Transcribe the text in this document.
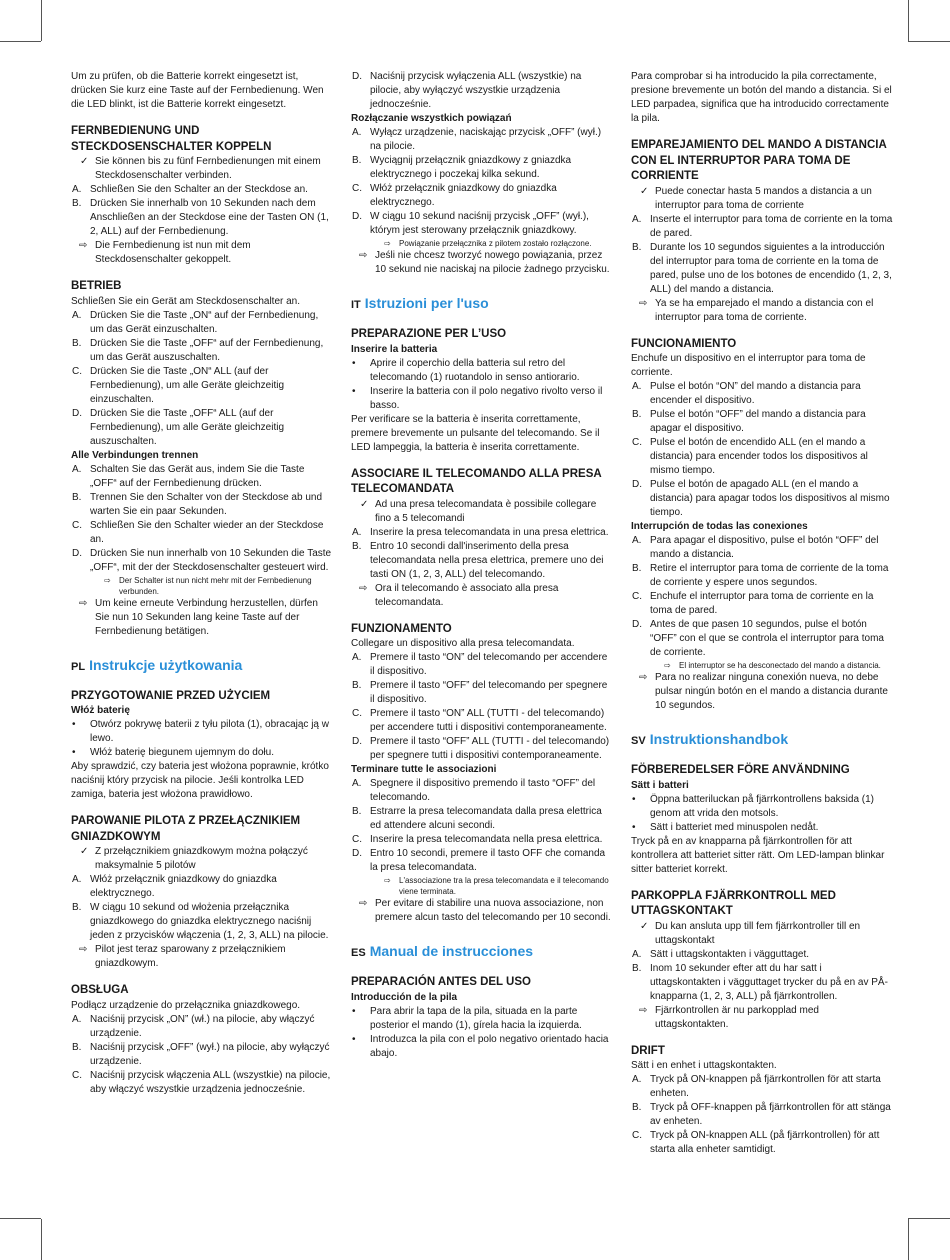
Um zu prüfen, ob die Batterie korrekt eingesetzt ist, drücken Sie kurz eine Taste auf der Fernbedienung. Wen die LED blinkt, ist die Batterie korrekt eingesetzt.

FERNBEDIENUNG UND STECKDOSENSCHALTER KOPPELN
✓ Sie können bis zu fünf Fernbedienungen mit einem Steckdosenschalter verbinden.
A. Schließen Sie den Schalter an der Steckdose an.
B. Drücken Sie innerhalb von 10 Sekunden nach dem Anschließen an der Steckdose eine der Tasten ON (1, 2, ALL) auf der Fernbedienung.
⇨ Die Fernbedienung ist nun mit dem Steckdosenschalter gekoppelt.
BETRIEB

Schließen Sie ein Gerät am Steckdosenschalter an.

A. Drücken Sie die Taste „ON“ auf der Fernbedienung, um das Gerät einzuschalten.
B. Drücken Sie die Taste „OFF“ auf der Fernbedienung, um das Gerät auszuschalten.
C. Drücken Sie die Taste „ON“ ALL (auf der Fernbedienung), um alle Geräte gleichzeitig einzuschalten.
D. Drücken Sie die Taste „OFF“ ALL (auf der Fernbedienung), um alle Geräte gleichzeitig auszuschalten.

Alle Verbindungen trennen

A. Schalten Sie das Gerät aus, indem Sie die Taste „OFF“ auf der Fernbedienung drücken.
B. Trennen Sie den Schalter von der Steckdose ab und warten Sie ein paar Sekunden.
C. Schließen Sie den Schalter wieder an der Steckdose an.
D. Drücken Sie nun innerhalb von 10 Sekunden die Taste „OFF“, mit der der Steckdosenschalter gesteuert wird.
⇨ Der Schalter ist nun nicht mehr mit der Fernbedienung verbunden.
⇨ Um keine erneute Verbindung herzustellen, dürfen Sie nun 10 Sekunden lang keine Taste auf der Fernbedienung betätigen.
PL Instrukcje użytkowania
PRZYGOTOWANIE PRZED UŻYCIEM

Włóż baterię

• Otwórz pokrywę baterii z tyłu pilota (1), obracając ją w lewo.
• Włóż baterię biegunem ujemnym do dołu.

Aby sprawdzić, czy bateria jest włożona poprawnie, krótko naciśnij który przycisk na pilocie. Jeśli kontrolka LED zamiga, bateria jest włożona prawidłowo.

PAROWANIE PILOTA Z PRZEŁĄCZNIKIEM GNIAZDKOWYM
✓ Z przełącznikiem gniazdkowym można połączyć maksymalnie 5 pilotów
A. Włóż przełącznik gniazdkowy do gniazdka elektrycznego.
B. W ciągu 10 sekund od włożenia przełącznika gniazdkowego do gniazdka elektrycznego naciśnij jeden z przycisków włączenia (1, 2, 3, ALL) na pilocie.
⇨ Pilot jest teraz sparowany z przełącznikiem gniazdkowym.
OBSŁUGA

Podłącz urządzenie do przełącznika gniazdkowego.

A. Naciśnij przycisk „ON” (wł.) na pilocie, aby włączyć urządzenie.
B. Naciśnij przycisk „OFF” (wył.) na pilocie, aby wyłączyć urządzenie.
C. Naciśnij przycisk włączenia ALL (wszystkie) na pilocie, aby włączyć wszystkie urządzenia jednocześnie.
D. Naciśnij przycisk wyłączenia ALL (wszystkie) na pilocie, aby wyłączyć wszystkie urządzenia jednocześnie.

Rozłączanie wszystkich powiązań

A. Wyłącz urządzenie, naciskając przycisk „OFF” (wył.) na pilocie.
B. Wyciągnij przełącznik gniazdkowy z gniazdka elektrycznego i poczekaj kilka sekund.
C. Włóż przełącznik gniazdkowy do gniazdka elektrycznego.
D. W ciągu 10 sekund naciśnij przycisk „OFF” (wył.), którym jest sterowany przełącznik gniazdkowy.
⇨ Powiązanie przełącznika z pilotem zostało rozłączone.
⇨ Jeśli nie chcesz tworzyć nowego powiązania, przez 10 sekund nie naciskaj na pilocie żadnego przycisku.
IT Istruzioni per l'uso
PREPARAZIONE PER L’USO

Inserire la batteria

• Aprire il coperchio della batteria sul retro del telecomando (1) ruotandolo in senso antiorario.
• Inserire la batteria con il polo negativo rivolto verso il basso.

Per verificare se la batteria è inserita correttamente, premere brevemente un pulsante del telecomando. Se il LED lampeggia, la batteria è inserita correttamente.

ASSOCIARE IL TELECOMANDO ALLA PRESA TELECOMANDATA
✓ Ad una presa telecomandata è possibile collegare fino a 5 telecomandi
A. Inserire la presa telecomandata in una presa elettrica.
B. Entro 10 secondi dall'inserimento della presa telecomandata nella presa elettrica, premere uno dei tasti ON (1, 2, 3, ALL) del telecomando.
⇨ Ora il telecomando è associato alla presa telecomandata.
FUNZIONAMENTO

Collegare un dispositivo alla presa telecomandata.

A. Premere il tasto “ON” del telecomando per accendere il dispositivo.
B. Premere il tasto “OFF” del telecomando per spegnere il dispositivo.
C. Premere il tasto “ON” ALL (TUTTI - del telecomando) per accendere tutti i dispositivi contemporaneamente.
D. Premere il tasto “OFF” ALL (TUTTI - del telecomando) per spegnere tutti i dispositivi contemporaneamente.

Terminare tutte le associazioni

A. Spegnere il dispositivo premendo il tasto “OFF” del telecomando.
B. Estrarre la presa telecomandata dalla presa elettrica ed attendere alcuni secondi.
C. Inserire la presa telecomandata nella presa elettrica.
D. Entro 10 secondi, premere il tasto OFF che comanda la presa telecomandata.
⇨ L'associazione tra la presa telecomandata e il telecomando viene terminata.
⇨ Per evitare di stabilire una nuova associazione, non premere alcun tasto del telecomando per 10 secondi.
ES Manual de instrucciones
PREPARACIÓN ANTES DEL USO

Introducción de la pila

• Para abrir la tapa de la pila, situada en la parte posterior el mando (1), gírela hacia la izquierda.
• Introduzca la pila con el polo negativo orientado hacia abajo.

Para comprobar si ha introducido la pila correctamente, presione brevemente un botón del mando a distancia. Si el LED parpadea, significa que ha introducido correctamente la pila.

EMPAREJAMIENTO DEL MANDO A DISTANCIA CON EL INTERRUPTOR PARA TOMA DE CORRIENTE
✓ Puede conectar hasta 5 mandos a distancia a un interruptor para toma de corriente
A. Inserte el interruptor para toma de corriente en la toma de pared.
B. Durante los 10 segundos siguientes a la introducción del interruptor para toma de corriente en la toma de pared, pulse uno de los botones de encendido (1, 2, 3, ALL) del mando a distancia.
⇨ Ya se ha emparejado el mando a distancia con el interruptor para toma de corriente.
FUNCIONAMIENTO

Enchufe un dispositivo en el interruptor para toma de corriente.

A. Pulse el botón “ON” del mando a distancia para encender el dispositivo.
B. Pulse el botón “OFF” del mando a distancia para apagar el dispositivo.
C. Pulse el botón de encendido ALL (en el mando a distancia) para encender todos los dispositivos al mismo tiempo.
D. Pulse el botón de apagado ALL (en el mando a distancia) para apagar todos los dispositivos al mismo tiempo.

Interrupción de todas las conexiones

A. Para apagar el dispositivo, pulse el botón “OFF” del mando a distancia.
B. Retire el interruptor para toma de corriente de la toma de corriente y espere unos segundos.
C. Enchufe el interruptor para toma de corriente en la toma de pared.
D. Antes de que pasen 10 segundos, pulse el botón “OFF” con el que se controla el interruptor para toma de corriente.
⇨ El interruptor se ha desconectado del mando a distancia.
⇨ Para no realizar ninguna conexión nueva, no debe pulsar ningún botón en el mando a distancia durante 10 segundos.
SV Instruktionshandbok
FÖRBEREDELSER FÖRE ANVÄNDNING

Sätt i batteri

• Öppna batteriluckan på fjärrkontrollens baksida (1) genom att vrida den motsols.
• Sätt i batteriet med minuspolen nedåt.

Tryck på en av knapparna på fjärrkontrollen för att kontrollera att batteriet sitter rätt. Om LED-lampan blinkar sitter batteriet korrekt.

PARKOPPLA FJÄRRKONTROLL MED UTTAGSKONTAKT
✓ Du kan ansluta upp till fem fjärrkontroller till en uttagskontakt
A. Sätt i uttagskontakten i vägguttaget.
B. Inom 10 sekunder efter att du har satt i uttagskontakten i vägguttaget trycker du på en av PÅ-knapparna (1, 2, 3, ALL) på fjärrkontrollen.
⇨ Fjärrkontrollen är nu parkopplad med uttagskontakten.
DRIFT

Sätt i en enhet i uttagskontakten.

A. Tryck på ON-knappen på fjärrkontrollen för att starta enheten.
B. Tryck på OFF-knappen på fjärrkontrollen för att stänga av enheten.
C. Tryck på ON-knappen ALL (på fjärrkontrollen) för att starta alla enheter samtidigt.
